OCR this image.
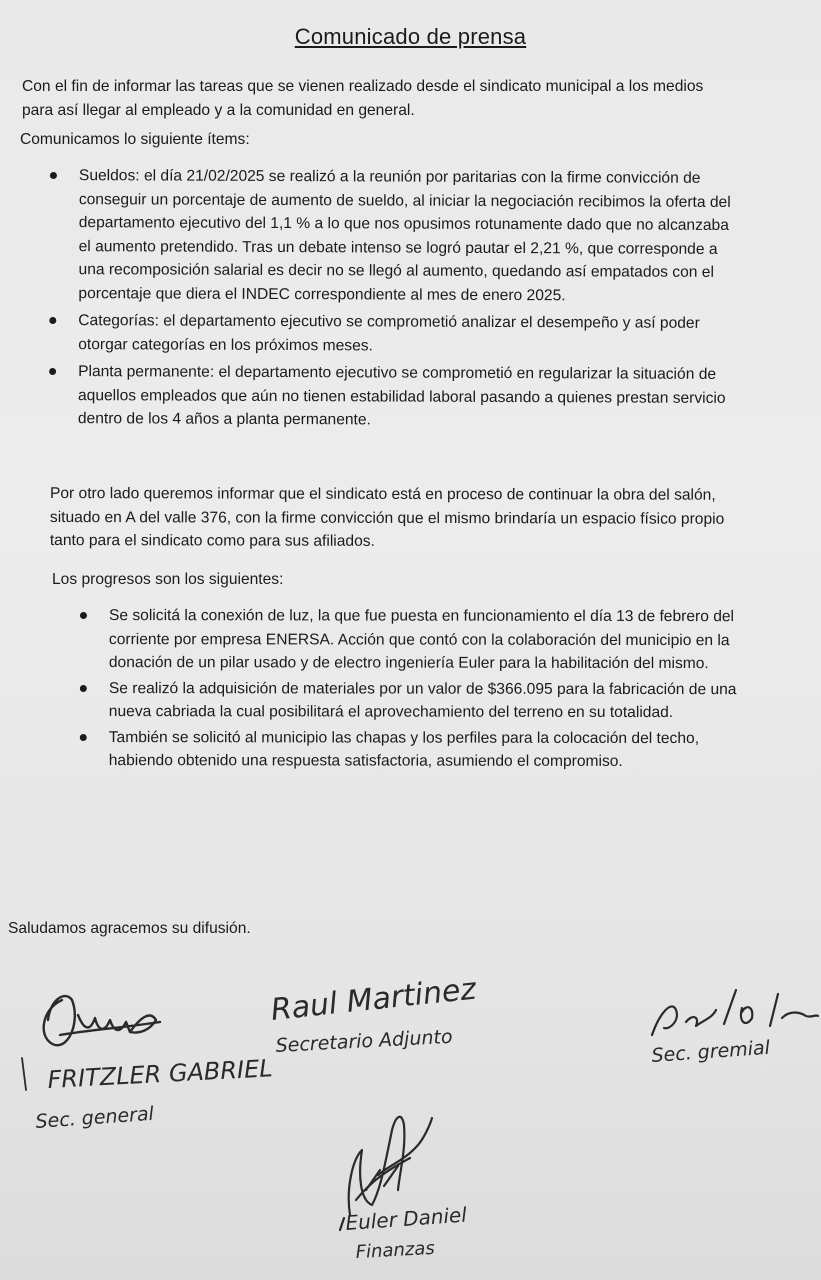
Comunicado de prensa

Con el fin de informar las tareas que se vienen realizado desde el sindicato municipal a los medios para así llegar al empleado y a la comunidad en general.

Comunicamos lo siguiente ítems:

Sueldos: el día 21/02/2025 se realizó a la reunión por paritarias con la firme convicción de conseguir un porcentaje de aumento de sueldo, al iniciar la negociación recibimos la oferta del departamento ejecutivo del 1,1 % a lo que nos opusimos rotunamente dado que no alcanzaba el aumento pretendido. Tras un debate intenso se logró pautar el 2,21 %, que corresponde a una recomposición salarial es decir no se llegó al aumento, quedando así empatados con el porcentaje que diera el INDEC correspondiente al mes de enero 2025.
Categorías: el departamento ejecutivo se comprometió analizar el desempeño y así poder otorgar categorías en los próximos meses.
Planta permanente: el departamento ejecutivo se comprometió en regularizar la situación de aquellos empleados que aún no tienen estabilidad laboral pasando a quienes prestan servicio dentro de los 4 años a planta permanente.

Por otro lado queremos informar que el sindicato está en proceso de continuar la obra del salón, situado en A del valle 376, con la firme convicción que el mismo brindaría un espacio físico propio tanto para el sindicato como para sus afiliados.

Los progresos son los siguientes:

Se solicitá la conexión de luz, la que fue puesta en funcionamiento el día 13 de febrero del corriente por empresa ENERSA. Acción que contó con la colaboración del municipio en la donación de un pilar usado y de electro ingeniería Euler para la habilitación del mismo.
Se realizó la adquisición de materiales por un valor de $366.095 para la fabricación de una nueva cabriada la cual posibilitará el aprovechamiento del terreno en su totalidad.
También se solicitó al municipio las chapas y los perfiles para la colocación del techo, habiendo obtenido una respuesta satisfactoria, asumiendo el compromiso.

Saludamos agracemos su difusión.

FRITZLER GABRIEL
Sec. general
Raul Martinez
Secretario Adjunto	Sec. gremial
Euler Daniel
Finanzas
